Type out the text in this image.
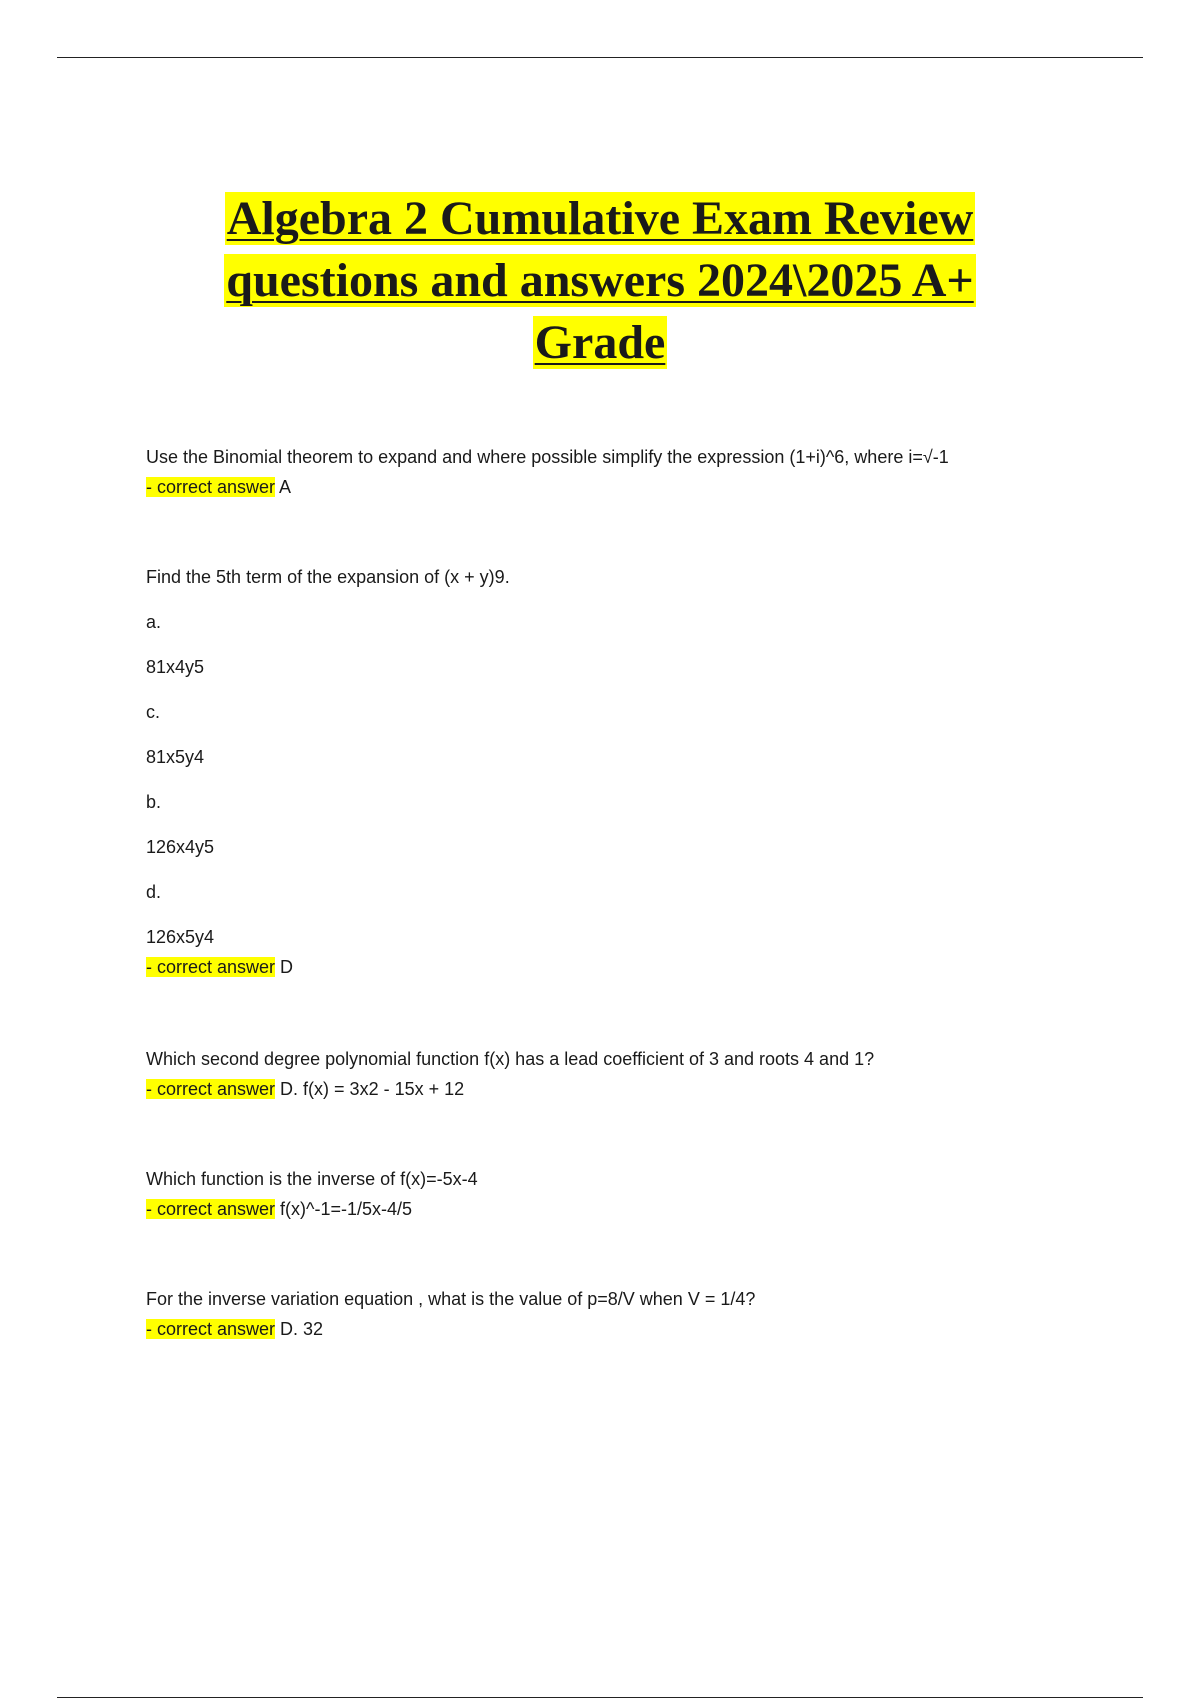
Algebra 2 Cumulative Exam Review
questions and answers 2024\2025 A+
Grade

Use the Binomial theorem to expand and where possible simplify the expression (1+i)^6, where i=√-1

- correct answer A

Find the 5th term of the expansion of (x + y)9.

a.

81x4y5

c.

81x5y4

b.

126x4y5

d.

126x5y4

- correct answer D

Which second degree polynomial function f(x) has a lead coefficient of 3 and roots 4 and 1?

- correct answer D. f(x) = 3x2 - 15x + 12

Which function is the inverse of f(x)=-5x-4

- correct answer f(x)^-1=-1/5x-4/5

For the inverse variation equation , what is the value of p=8/V when V = 1/4?

- correct answer D. 32
